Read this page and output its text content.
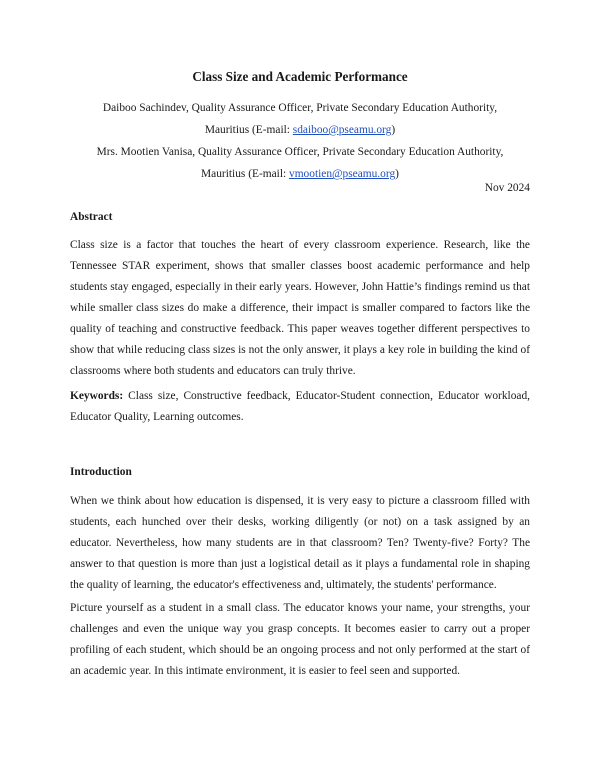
Class Size and Academic Performance
Daiboo Sachindev, Quality Assurance Officer, Private Secondary Education Authority,
Mauritius (E-mail: sdaiboo@pseamu.org)
Mrs. Mootien Vanisa, Quality Assurance Officer, Private Secondary Education Authority,
Mauritius (E-mail: vmootien@pseamu.org)
Nov 2024
Abstract

Class size is a factor that touches the heart of every classroom experience. Research, like the Tennessee STAR experiment, shows that smaller classes boost academic performance and help students stay engaged, especially in their early years. However, John Hattie’s findings remind us that while smaller class sizes do make a difference, their impact is smaller compared to factors like the quality of teaching and constructive feedback. This paper weaves together different perspectives to show that while reducing class sizes is not the only answer, it plays a key role in building the kind of classrooms where both students and educators can truly thrive.

Keywords: Class size, Constructive feedback, Educator-Student connection, Educator workload, Educator Quality, Learning outcomes.

Introduction

When we think about how education is dispensed, it is very easy to picture a classroom filled with students, each hunched over their desks, working diligently (or not) on a task assigned by an educator. Nevertheless, how many students are in that classroom? Ten? Twenty-five? Forty? The answer to that question is more than just a logistical detail as it plays a fundamental role in shaping the quality of learning, the educator's effectiveness and, ultimately, the students' performance.

Picture yourself as a student in a small class. The educator knows your name, your strengths, your challenges and even the unique way you grasp concepts. It becomes easier to carry out a proper profiling of each student, which should be an ongoing process and not only performed at the start of an academic year. In this intimate environment, it is easier to feel seen and supported.
